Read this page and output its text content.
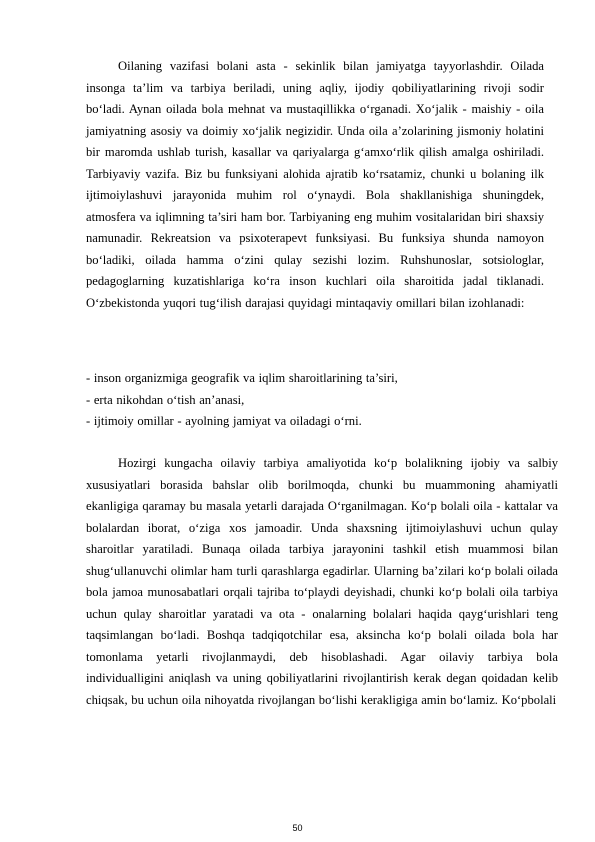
Oilaning vazifasi bolani asta - sekinlik bilan jamiyatga tayyorlashdir. Oilada insonga ta’lim va tarbiya beriladi, uning aqliy, ijodiy qobiliyatlarining rivoji sodir bo‘ladi. Aynan oilada bola mehnat va mustaqillikka o‘rganadi. Xo‘jalik - maishiy - oila jamiyatning asosiy va doimiy xo‘jalik negizidir. Unda oila a’zolarining jismoniy holatini bir maromda ushlab turish, kasallar va qariyalarga g‘amxo‘rlik qilish amalga oshiriladi. Tarbiyaviy vazifa. Biz bu funksiyani alohida ajratib ko‘rsatamiz, chunki u bolaning ilk ijtimoiylashuvi jarayonida muhim rol o‘ynaydi. Bola shakllanishiga shuningdek, atmosfera va iqlimning ta’siri ham bor. Tarbiyaning eng muhim vositalaridan biri shaxsiy namunadir. Rekreatsion va psixoterapevt funksiyasi. Bu funksiya shunda namoyon bo‘ladiki, oilada hamma o‘zini qulay sezishi lozim. Ruhshunoslar, sotsiologlar, pedagoglarning kuzatishlariga ko‘ra inson kuchlari oila sharoitida jadal tiklanadi. O‘zbekistonda yuqori tug‘ilish darajasi quyidagi mintaqaviy omillari bilan izohlanadi:

- inson organizmiga geografik va iqlim sharoitlarining ta’siri,
- erta nikohdan o‘tish an’anasi,
- ijtimoiy omillar - ayolning jamiyat va oiladagi o‘rni.

Hozirgi kungacha oilaviy tarbiya amaliyotida ko‘p bolalikning ijobiy va salbiy xususiyatlari borasida bahslar olib borilmoqda, chunki bu muammoning ahamiyatli ekanligiga qaramay bu masala yetarli darajada O‘rganilmagan. Ko‘p bolali oila - kattalar va bolalardan iborat, o‘ziga xos jamoadir. Unda shaxsning ijtimoiylashuvi uchun qulay sharoitlar yaratiladi. Bunaqa oilada tarbiya jarayonini tashkil etish muammosi bilan shug‘ullanuvchi olimlar ham turli qarashlarga egadirlar. Ularning ba’zilari ko‘p bolali oilada bola jamoa munosabatlari orqali tajriba to‘playdi deyishadi, chunki ko‘p bolali oila tarbiya uchun qulay sharoitlar yaratadi va ota - onalarning bolalari haqida qayg‘urishlari teng taqsimlangan bo‘ladi. Boshqa tadqiqotchilar esa, aksincha ko‘p bolali oilada bola har tomonlama yetarli rivojlanmaydi, deb hisoblashadi. Agar oilaviy tarbiya bola individualligini aniqlash va uning qobiliyatlarini rivojlantirish kerak degan qoidadan kelib chiqsak, bu uchun oila nihoyatda rivojlangan bo‘lishi kerakligiga amin bo‘lamiz. Ko‘pbolali

50
